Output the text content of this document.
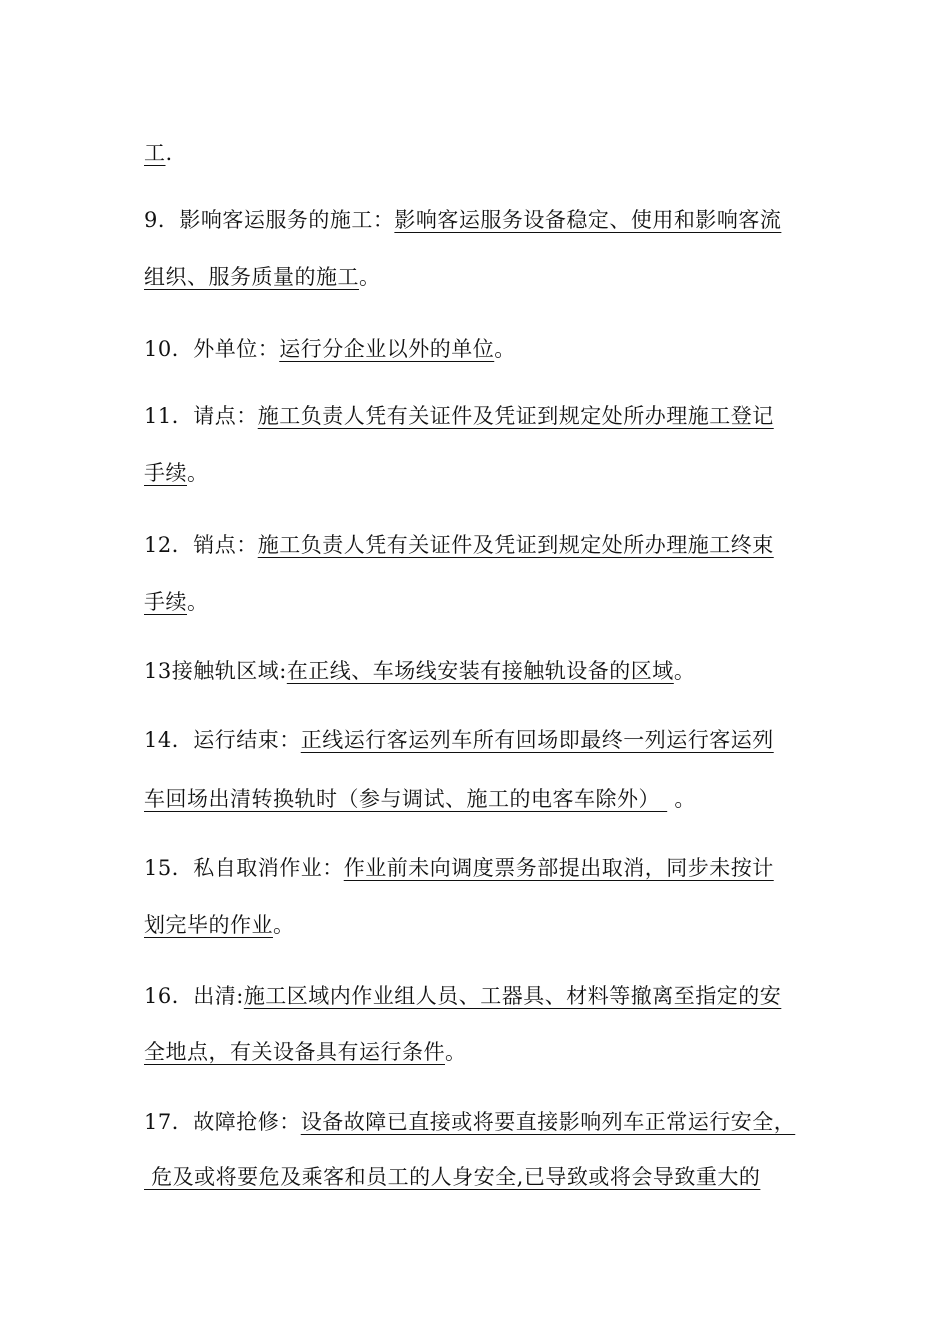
工.
9．影响客运服务的施工：影响客运服务设备稳定、使用和影响客流
组织、服务质量的施工。
10．外单位：运行分企业以外的单位。
11．请点：施工负责人凭有关证件及凭证到规定处所办理施工登记
手续。
12．销点：施工负责人凭有关证件及凭证到规定处所办理施工终束
手续。
13接触轨区域:在正线、车场线安装有接触轨设备的区域。
14．运行结束：正线运行客运列车所有回场即最终一列运行客运列
车回场出清转换轨时（参与调试、施工的电客车除外）  。
15．私自取消作业：作业前未向调度票务部提出取消，同步未按计
划完毕的作业。
16．出清:施工区域内作业组人员、工器具、材料等撤离至指定的安
全地点，有关设备具有运行条件。
17．故障抢修：设备故障已直接或将要直接影响列车正常运行安全，
危及或将要危及乘客和员工的人身安全,已导致或将会导致重大的
